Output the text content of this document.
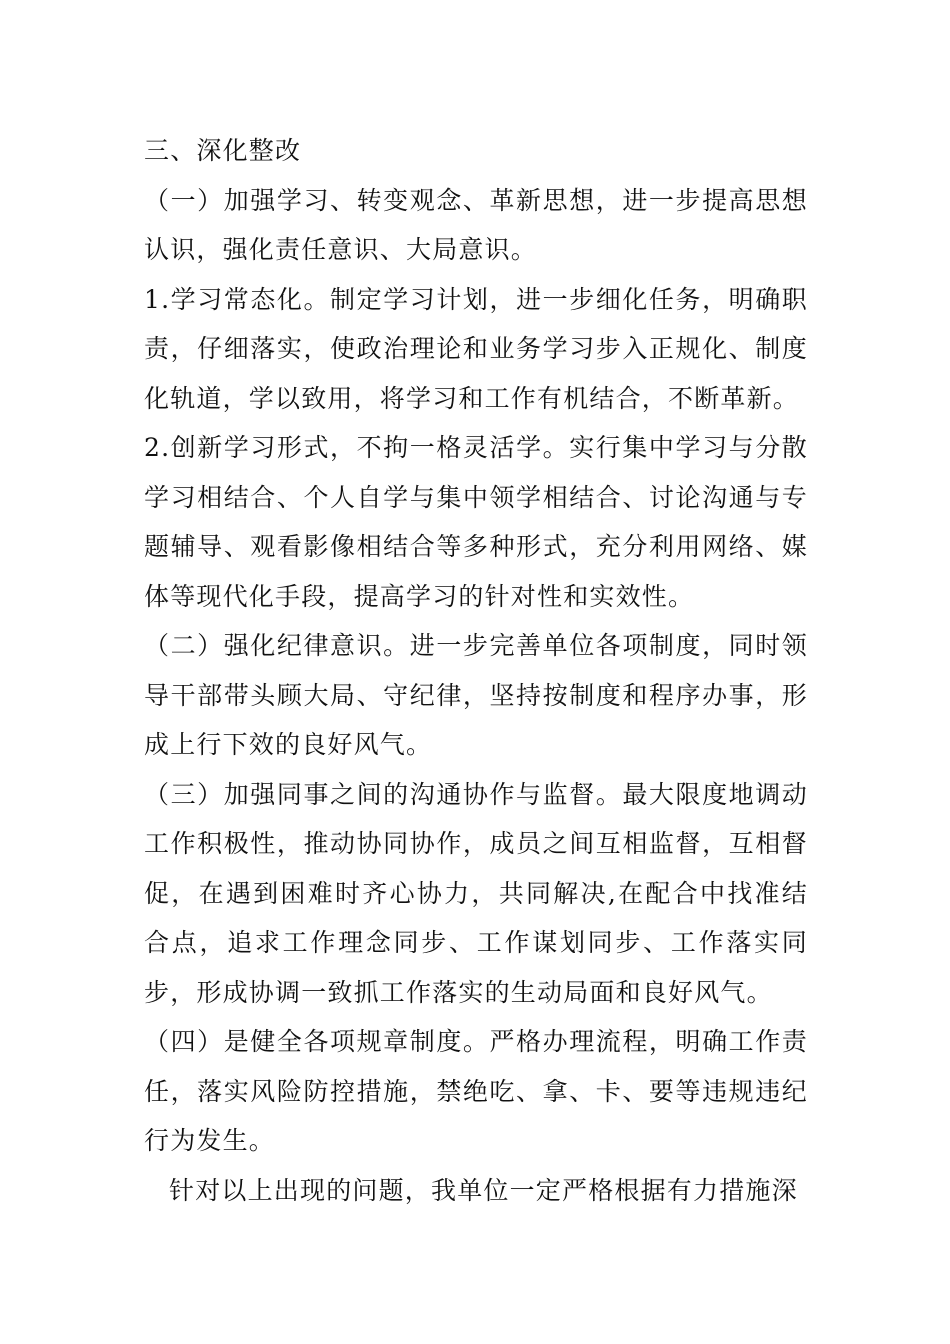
三、深化整改

（一）加强学习、转变观念、革新思想，进一步提高思想认识，强化责任意识、大局意识。

1.学习常态化。制定学习计划，进一步细化任务，明确职责，仔细落实，使政治理论和业务学习步入正规化、制度化轨道，学以致用，将学习和工作有机结合，不断革新。

2.创新学习形式，不拘一格灵活学。实行集中学习与分散学习相结合、个人自学与集中领学相结合、讨论沟通与专题辅导、观看影像相结合等多种形式，充分利用网络、媒体等现代化手段，提高学习的针对性和实效性。

（二）强化纪律意识。进一步完善单位各项制度，同时领导干部带头顾大局、守纪律，坚持按制度和程序办事，形成上行下效的良好风气。

（三）加强同事之间的沟通协作与监督。最大限度地调动工作积极性，推动协同协作，成员之间互相监督，互相督促，在遇到困难时齐心协力，共同解决,在配合中找准结合点，追求工作理念同步、工作谋划同步、工作落实同步，形成协调一致抓工作落实的生动局面和良好风气。

（四）是健全各项规章制度。严格办理流程，明确工作责任，落实风险防控措施，禁绝吃、拿、卡、要等违规违纪行为发生。

针对以上出现的问题，我单位一定严格根据有力措施深
